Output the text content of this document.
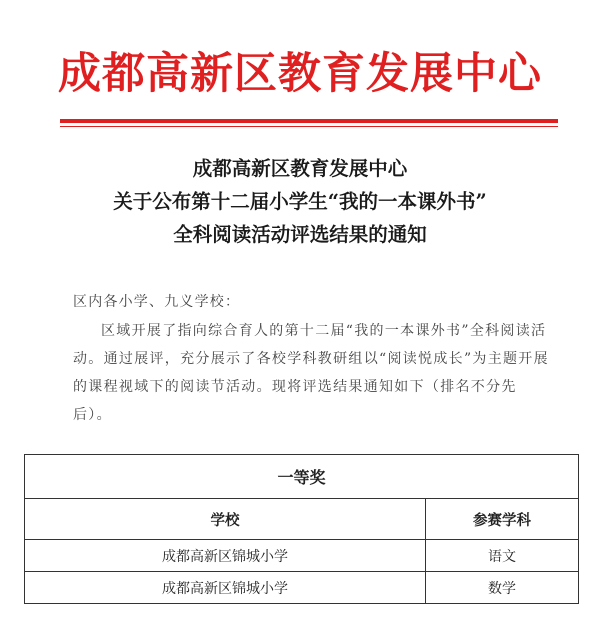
成都高新区教育发展中心
成都高新区教育发展中心
关于公布第十二届小学生“我的一本课外书”
全科阅读活动评选结果的通知
区内各小学、九义学校：
区域开展了指向综合育人的第十二届“我的一本课外书”全科阅读活动。通过展评，充分展示了各校学科教研组以“阅读悦成长”为主题开展的课程视域下的阅读节活动。现将评选结果通知如下（排名不分先后）。
一等奖	
学校	参赛学科
成都高新区锦城小学	语文
成都高新区锦城小学	数学
